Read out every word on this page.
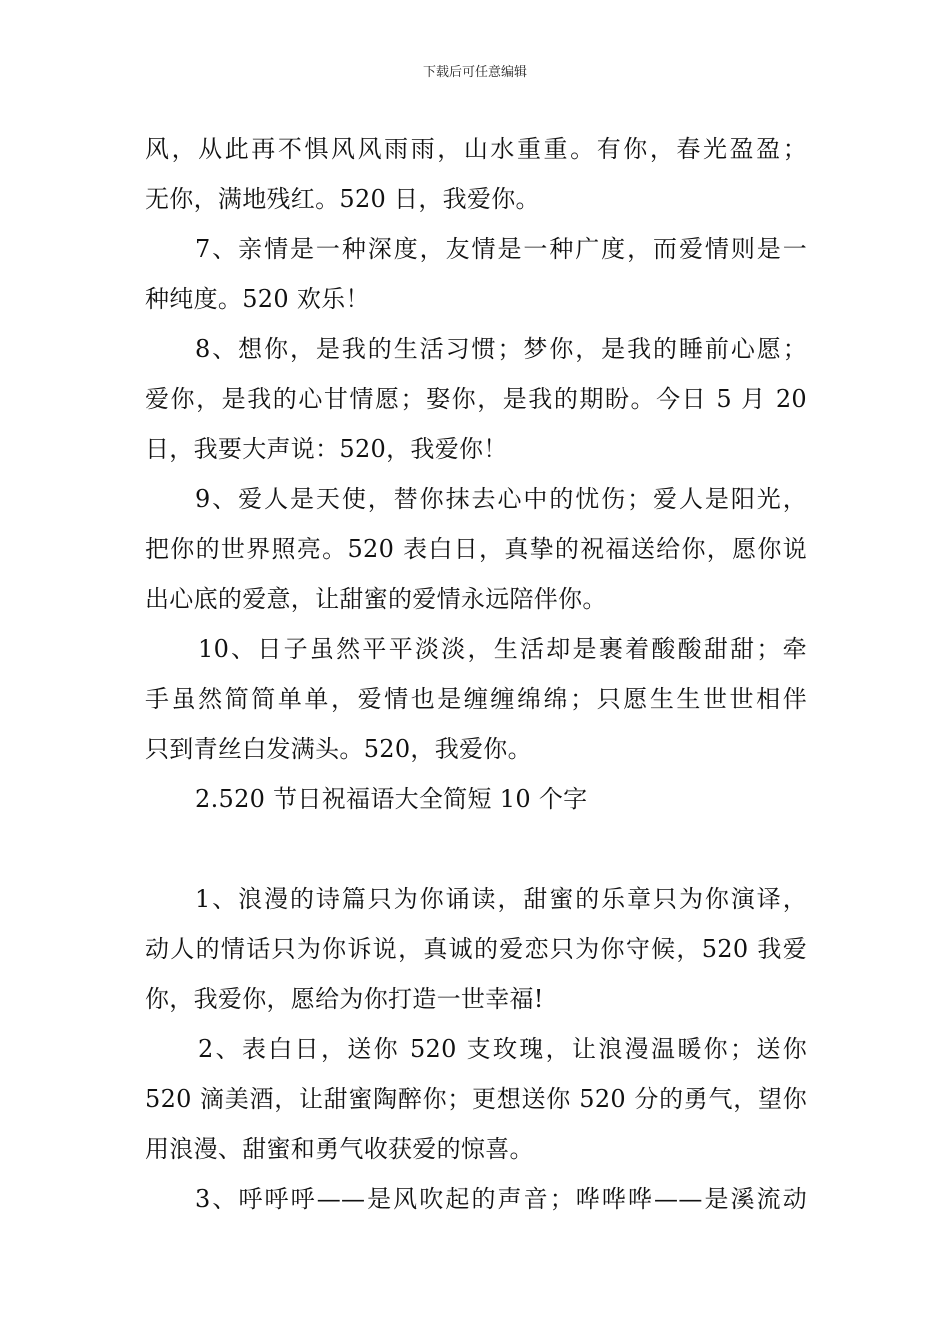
下载后可任意编辑
风，从此再不惧风风雨雨，山水重重。有你，春光盈盈；
无你，满地残红。520 日，我爱你。
7、亲情是一种深度，友情是一种广度，而爱情则是一
种纯度。520 欢乐！
8、想你，是我的生活习惯；梦你，是我的睡前心愿；
爱你，是我的心甘情愿；娶你，是我的期盼。今日 5 月 20
日，我要大声说：520，我爱你！
9、爱人是天使，替你抹去心中的忧伤；爱人是阳光，
把你的世界照亮。520 表白日，真挚的祝福送给你，愿你说
出心底的爱意，让甜蜜的爱情永远陪伴你。
10、日子虽然平平淡淡，生活却是裹着酸酸甜甜；牵
手虽然简简单单，爱情也是缠缠绵绵；只愿生生世世相伴
只到青丝白发满头。520，我爱你。
2.520 节日祝福语大全简短 10 个字
1、浪漫的诗篇只为你诵读，甜蜜的乐章只为你演译，
动人的情话只为你诉说，真诚的爱恋只为你守候，520 我爱
你，我爱你，愿给为你打造一世幸福!
2、表白日，送你 520 支玫瑰，让浪漫温暖你；送你
520 滴美酒，让甜蜜陶醉你；更想送你 520 分的勇气，望你
用浪漫、甜蜜和勇气收获爱的惊喜。
3、呼呼呼——是风吹起的声音；哗哗哗——是溪流动
